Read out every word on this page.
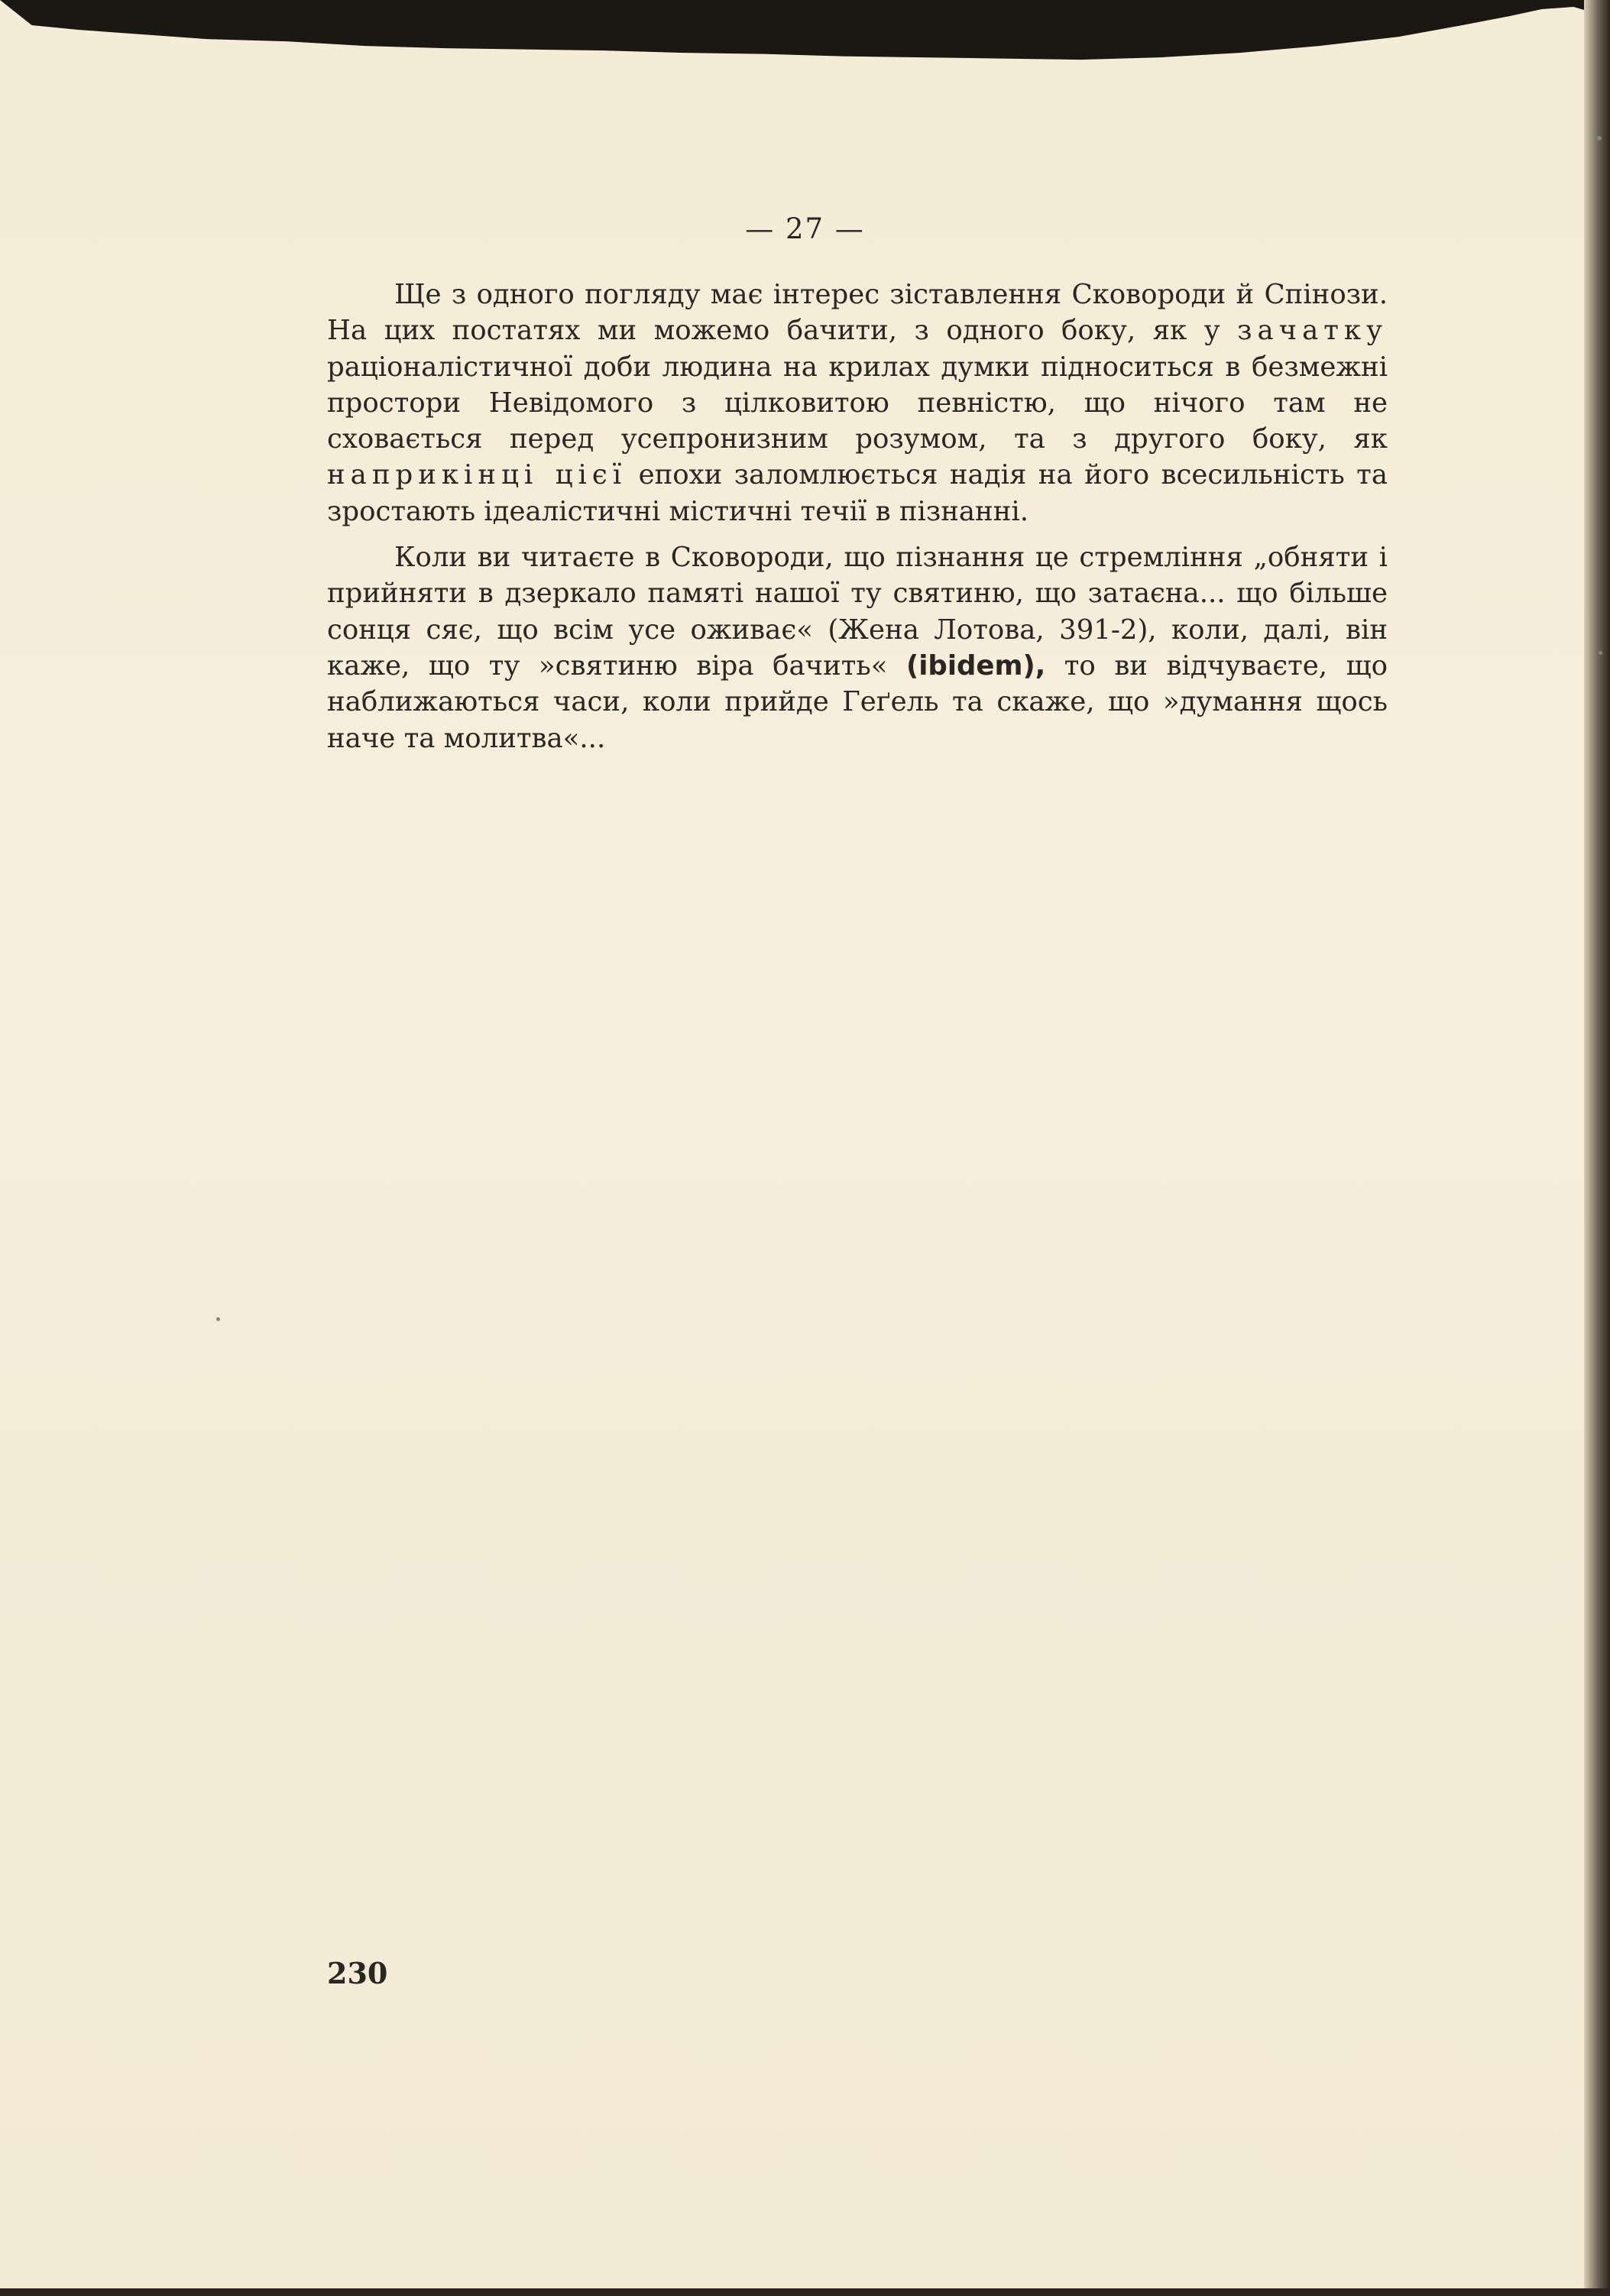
— 27 —

Ще з одного погляду має інтерес зіставлення Сковороди й Спінози. На цих постатях ми можемо бачити, з одного боку, як у зачатку раціоналістичної доби людина на крилах думки підноситься в безмежні простори Невідомого з цілковитою певністю, що нічого там не сховається перед усепронизним розумом, та з другого боку, як наприкінці цієї епохи заломлюється надія на його всесильність та зростають ідеалістичні містичні течії в пізнанні.

Коли ви читаєте в Сковороди, що пізнання це стремління „обняти і прийняти в дзеркало памяті нашої ту святиню, що затаєна... що більше сонця сяє, що всім усе оживає« (Жена Лотова, 391-2), коли, далі, він каже, що ту »святиню віра бачить« (ibidem), то ви відчуваєте, що наближаються часи, коли прийде Геґель та скаже, що »думання щось наче та молитва«...

230
